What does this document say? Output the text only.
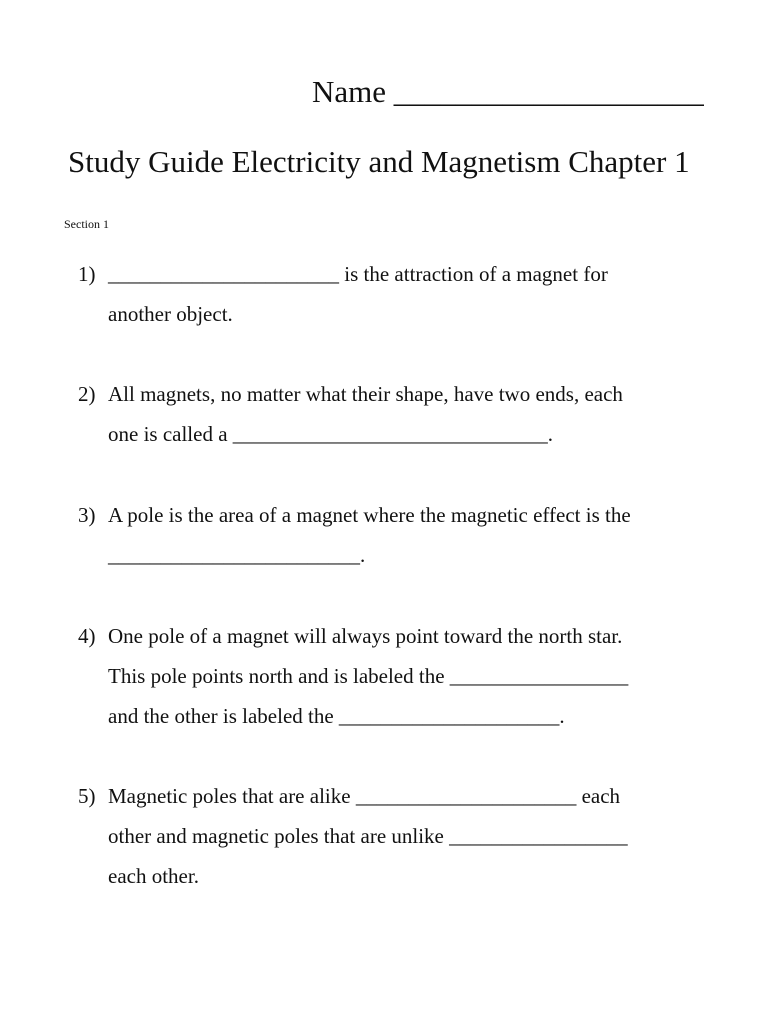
Name ____________________
Study Guide Electricity and Magnetism Chapter 1
Section 1
1) ______________________ is the attraction of a magnet for
another object.
2) All magnets, no matter what their shape, have two ends, each
one is called a ______________________________.
3) A pole is the area of a magnet where the magnetic effect is the
________________________.
4) One pole of a magnet will always point toward the north star.
This pole points north and is labeled the _________________
and the other is labeled the _____________________.
5) Magnetic poles that are alike _____________________ each
other and magnetic poles that are unlike _________________
each other.
